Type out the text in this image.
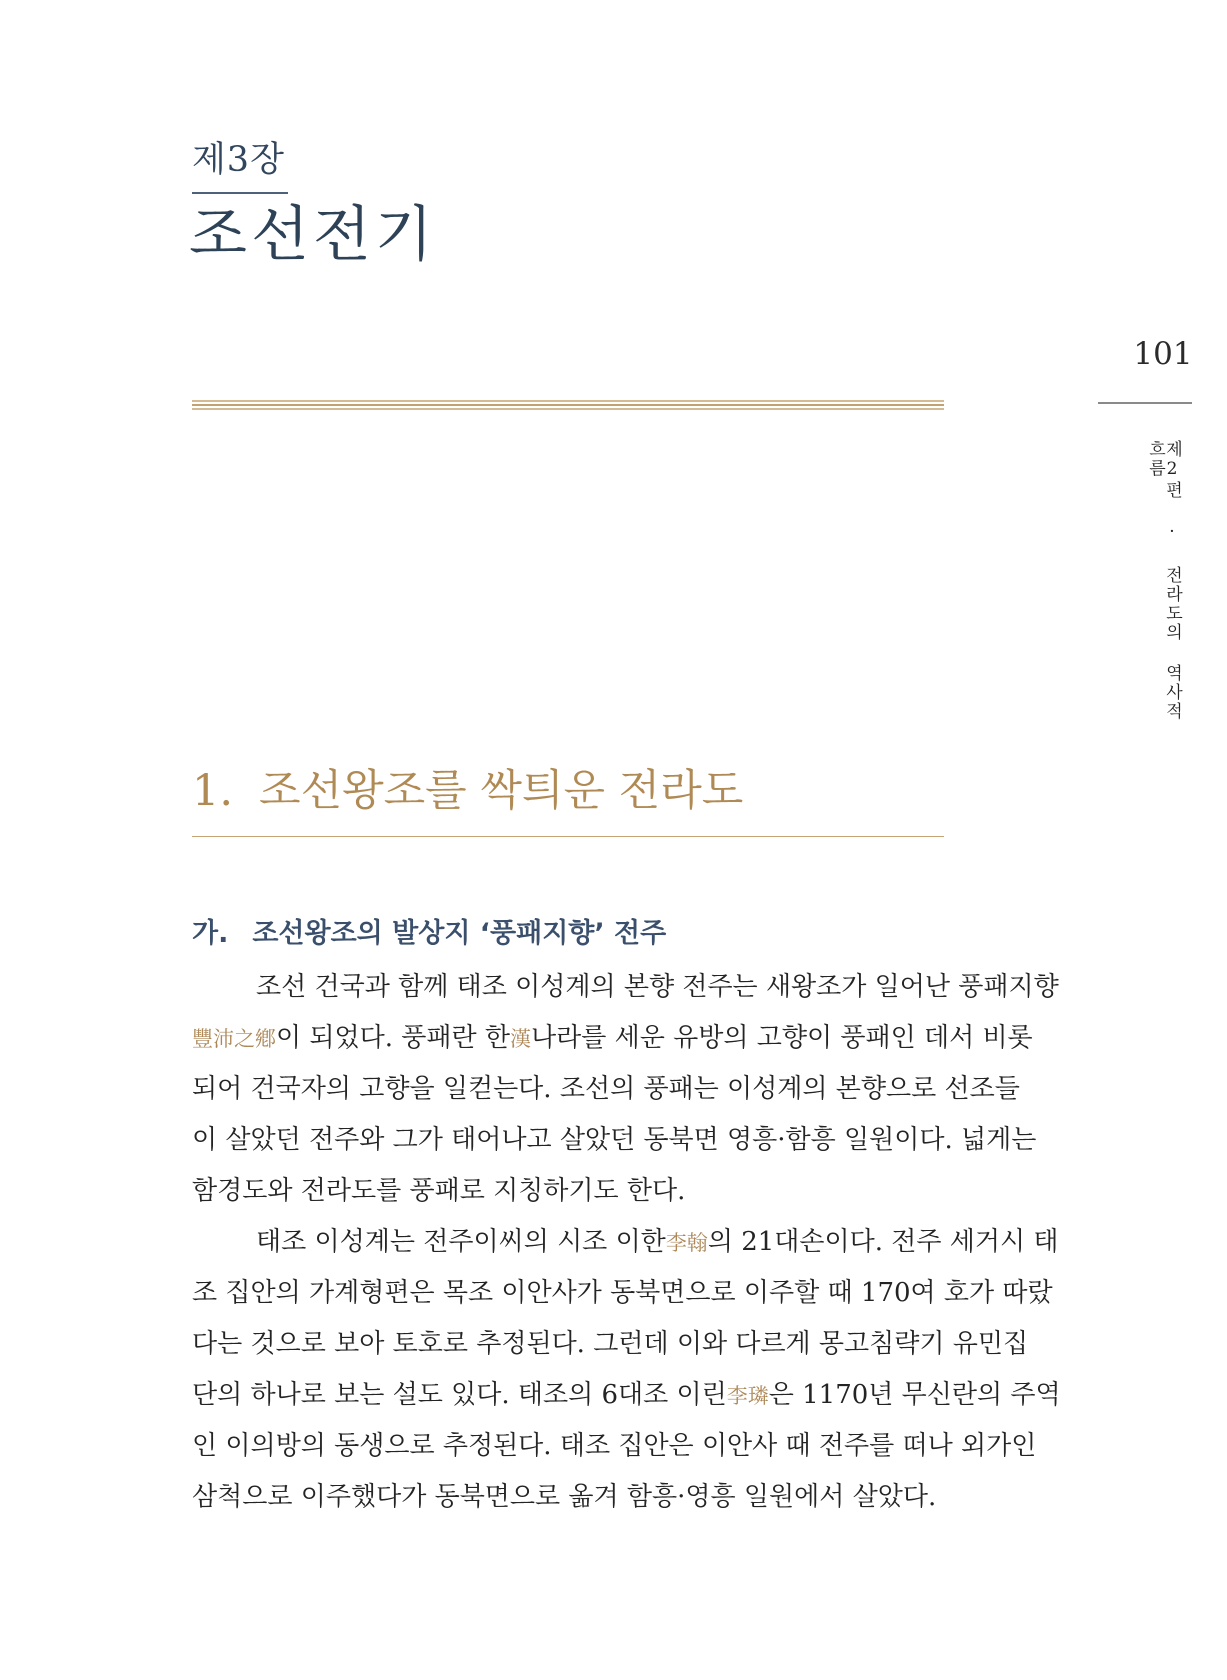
제3장
조선전기
101
제2편 · 전라도의 역사적 흐름
1. 조선왕조를 싹틔운 전라도
가. 조선왕조의 발상지 ‘풍패지향’ 전주
조선 건국과 함께 태조 이성계의 본향 전주는 새왕조가 일어난 풍패지향
豐沛之鄕이 되었다. 풍패란 한漢나라를 세운 유방의 고향이 풍패인 데서 비롯
되어 건국자의 고향을 일컫는다. 조선의 풍패는 이성계의 본향으로 선조들
이 살았던 전주와 그가 태어나고 살았던 동북면 영흥·함흥 일원이다. 넓게는
함경도와 전라도를 풍패로 지칭하기도 한다.
태조 이성계는 전주이씨의 시조 이한李翰의 21대손이다. 전주 세거시 태
조 집안의 가계형편은 목조 이안사가 동북면으로 이주할 때 170여 호가 따랐
다는 것으로 보아 토호로 추정된다. 그런데 이와 다르게 몽고침략기 유민집
단의 하나로 보는 설도 있다. 태조의 6대조 이린李璘은 1170년 무신란의 주역
인 이의방의 동생으로 추정된다. 태조 집안은 이안사 때 전주를 떠나 외가인
삼척으로 이주했다가 동북면으로 옮겨 함흥·영흥 일원에서 살았다.
